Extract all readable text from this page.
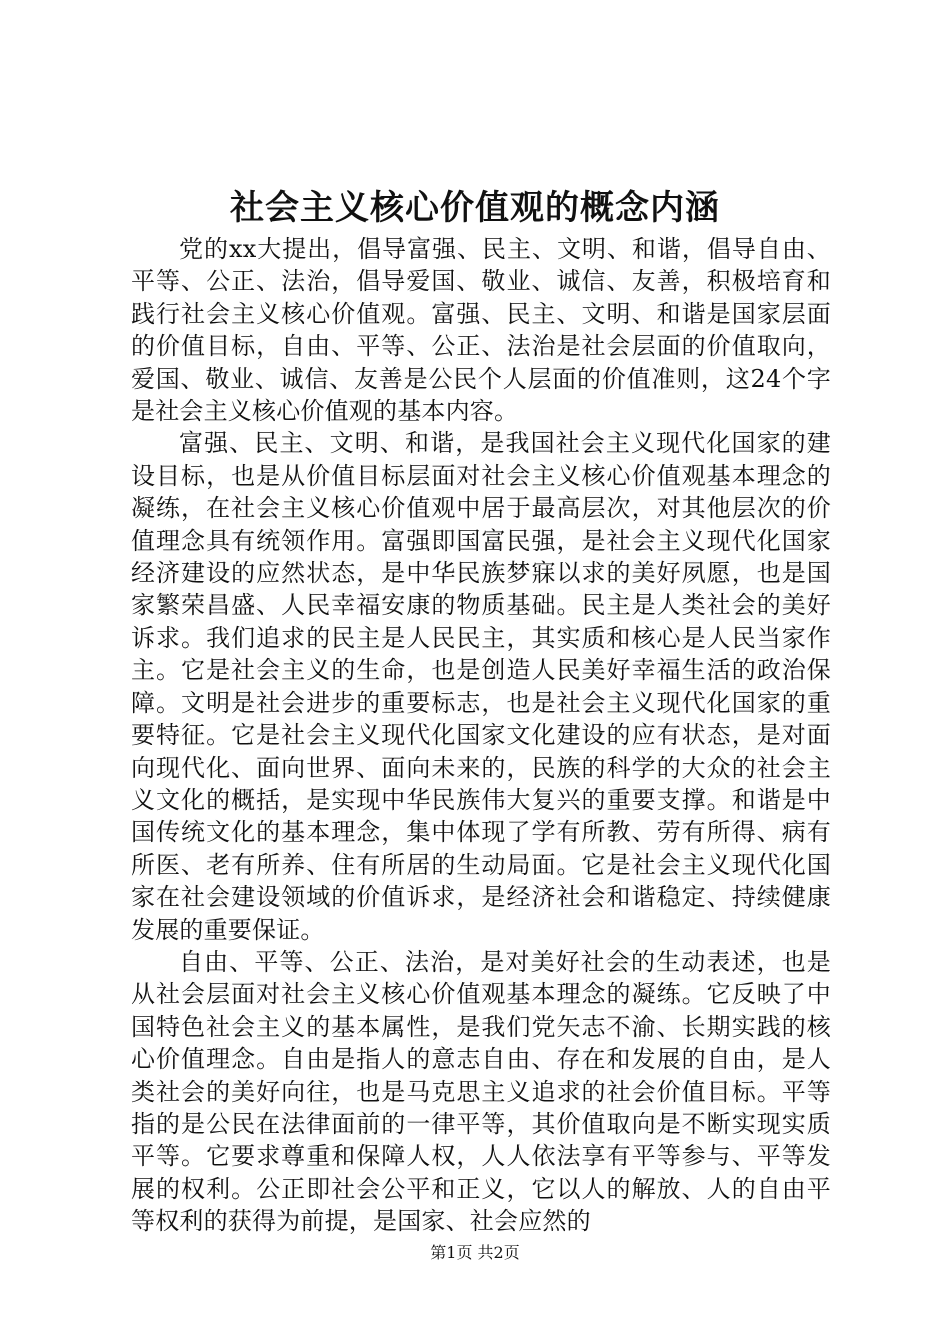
社会主义核心价值观的概念内涵

党的xx大提出，倡导富强、民主、文明、和谐，倡导自由、平等、公正、法治，倡导爱国、敬业、诚信、友善，积极培育和践行社会主义核心价值观。富强、民主、文明、和谐是国家层面的价值目标，自由、平等、公正、法治是社会层面的价值取向，爱国、敬业、诚信、友善是公民个人层面的价值准则，这24个字是社会主义核心价值观的基本内容。

富强、民主、文明、和谐，是我国社会主义现代化国家的建设目标，也是从价值目标层面对社会主义核心价值观基本理念的凝练，在社会主义核心价值观中居于最高层次，对其他层次的价值理念具有统领作用。富强即国富民强，是社会主义现代化国家经济建设的应然状态，是中华民族梦寐以求的美好夙愿，也是国家繁荣昌盛、人民幸福安康的物质基础。民主是人类社会的美好诉求。我们追求的民主是人民民主，其实质和核心是人民当家作主。它是社会主义的生命，也是创造人民美好幸福生活的政治保障。文明是社会进步的重要标志，也是社会主义现代化国家的重要特征。它是社会主义现代化国家文化建设的应有状态，是对面向现代化、面向世界、面向未来的，民族的科学的大众的社会主义文化的概括，是实现中华民族伟大复兴的重要支撑。和谐是中国传统文化的基本理念，集中体现了学有所教、劳有所得、病有所医、老有所养、住有所居的生动局面。它是社会主义现代化国家在社会建设领域的价值诉求，是经济社会和谐稳定、持续健康发展的重要保证。

自由、平等、公正、法治，是对美好社会的生动表述，也是从社会层面对社会主义核心价值观基本理念的凝练。它反映了中国特色社会主义的基本属性，是我们党矢志不渝、长期实践的核心价值理念。自由是指人的意志自由、存在和发展的自由，是人类社会的美好向往，也是马克思主义追求的社会价值目标。平等指的是公民在法律面前的一律平等，其价值取向是不断实现实质平等。它要求尊重和保障人权，人人依法享有平等参与、平等发展的权利。公正即社会公平和正义，它以人的解放、人的自由平等权利的获得为前提，是国家、社会应然的

第1页 共2页
